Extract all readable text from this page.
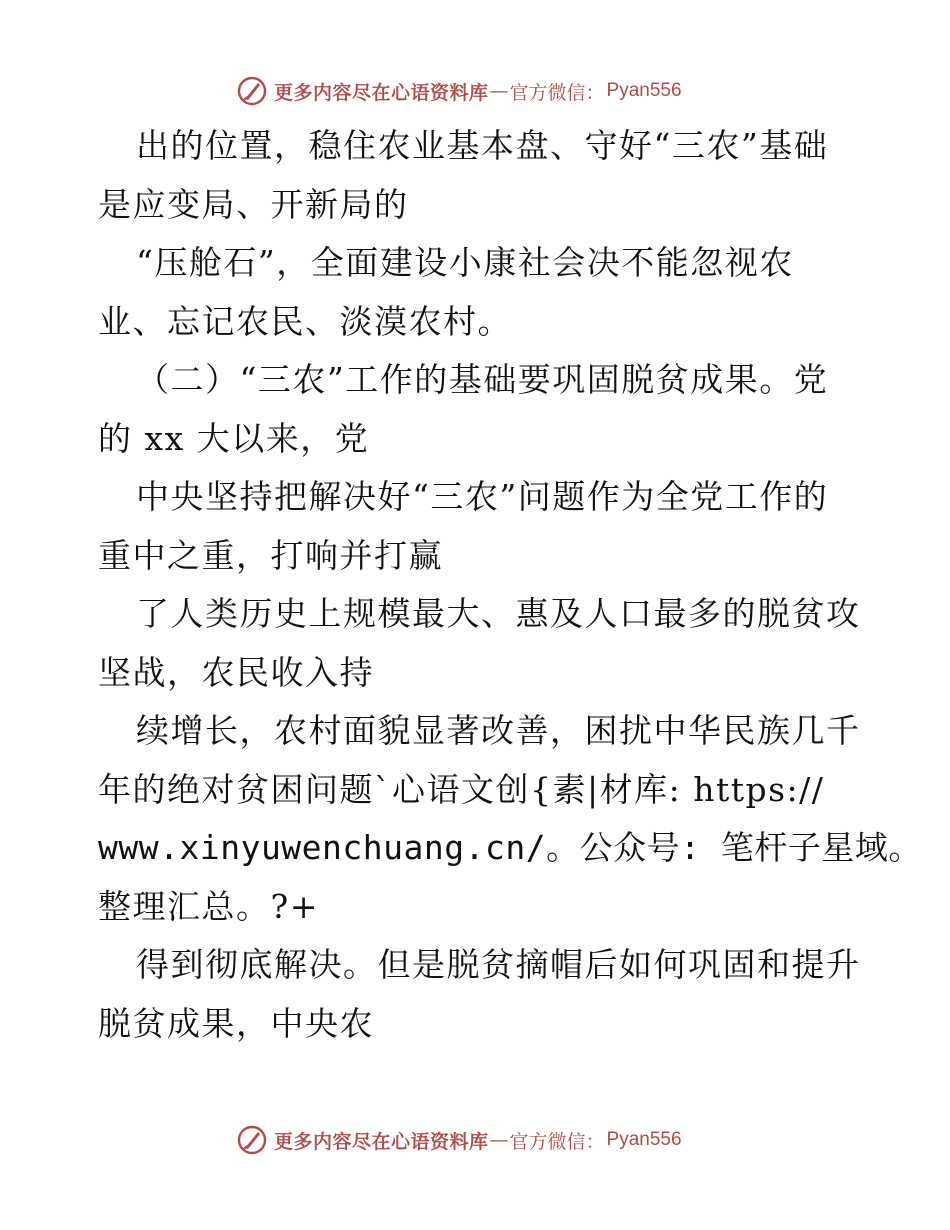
更多内容尽在心语资料库 — 官方微信： Pyan556
出的位置，稳住农业基本盘、守好“三农”基础
是应变局、开新局的
“压舱石”，全面建设小康社会决不能忽视农
业、忘记农民、淡漠农村。
（二）“三农”工作的基础要巩固脱贫成果。党
的 xx 大以来，党
中央坚持把解决好“三农”问题作为全党工作的
重中之重，打响并打赢
了人类历史上规模最大、惠及人口最多的脱贫攻
坚战，农民收入持
续增长，农村面貌显著改善，困扰中华民族几千
年的绝对贫困问题`心语文创{素|材库: https://
www.xinyuwenchuang.cn/。公众号: 笔杆子星域。
整理汇总。?+
得到彻底解决。但是脱贫摘帽后如何巩固和提升
脱贫成果，中央农
更多内容尽在心语资料库 — 官方微信： Pyan556
